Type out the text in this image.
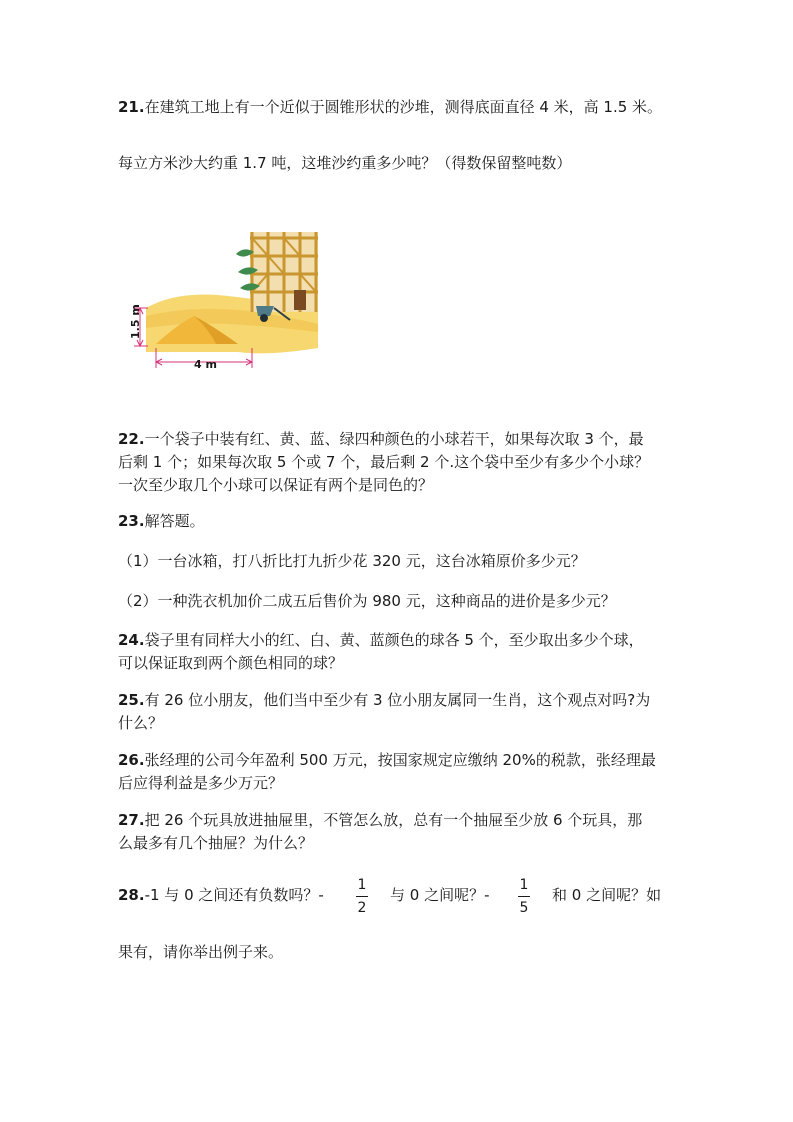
21.在建筑工地上有一个近似于圆锥形状的沙堆，测得底面直径 4 米，高 1.5 米。
每立方米沙大约重 1.7 吨，这堆沙约重多少吨？（得数保留整吨数）
1.5 m
4 m
22.一个袋子中装有红、黄、蓝、绿四种颜色的小球若干，如果每次取 3 个，最
后剩 1 个；如果每次取 5 个或 7 个，最后剩 2 个.这个袋中至少有多少个小球？
一次至少取几个小球可以保证有两个是同色的？
23.解答题。
（1）一台冰箱，打八折比打九折少花 320 元，这台冰箱原价多少元？
（2）一种洗衣机加价二成五后售价为 980 元，这种商品的进价是多少元？
24.袋子里有同样大小的红、白、黄、蓝颜色的球各 5 个，至少取出多少个球，
可以保证取到两个颜色相同的球？
25.有 26 位小朋友，他们当中至少有 3 位小朋友属同一生肖，这个观点对吗?为
什么？
26.张经理的公司今年盈利 500 万元，按国家规定应缴纳 20%的税款，张经理最
后应得利益是多少万元？
27.把 26 个玩具放进抽屉里，不管怎么放，总有一个抽屉至少放 6 个玩具，那
么最多有几个抽屉？为什么？
28.-1 与 0 之间还有负数吗？-
1
2
与 0 之间呢？-
1
5
和 0 之间呢？如
果有，请你举出例子来。
